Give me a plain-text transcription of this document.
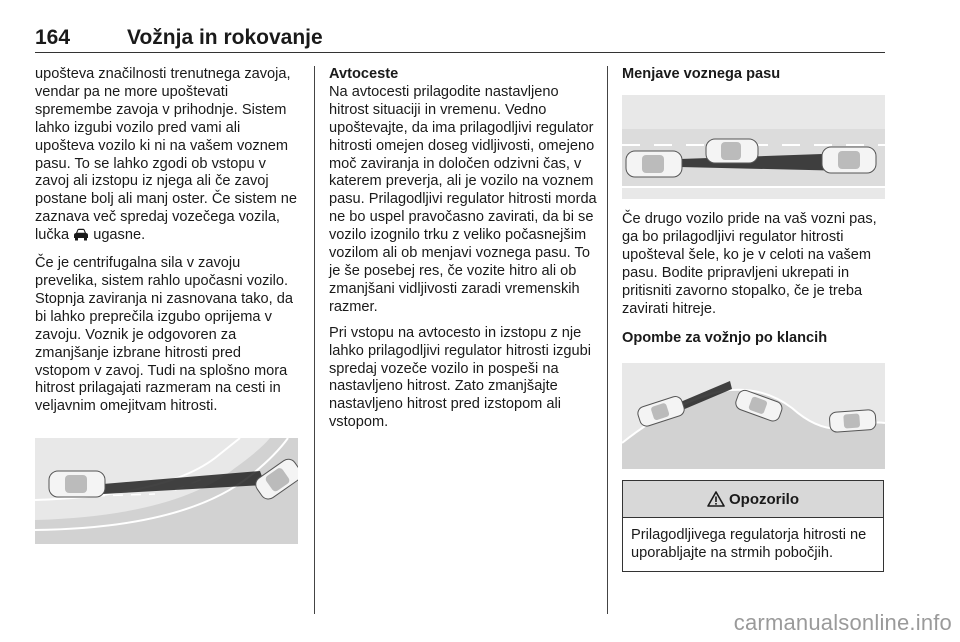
164	Vožnja in rokovanje

upošteva značilnosti trenutnega zavoja, vendar pa ne more upoštevati spremembe zavoja v prihodnje. Sistem lahko izgubi vozilo pred vami ali upošteva vozilo ki ni na vašem voznem pasu. To se lahko zgodi ob vstopu v zavoj ali izstopu iz njega ali če zavoj postane bolj ali manj oster. Če sistem ne zaznava več spredaj vozečega vozila, lučka ugasne.

Če je centrifugalna sila v zavoju prevelika, sistem rahlo upočasni vozilo. Stopnja zaviranja ni zasnovana tako, da bi lahko preprečila izgubo oprijema v zavoju. Voznik je odgovoren za zmanjšanje izbrane hitrosti pred vstopom v zavoj. Tudi na splošno mora hitrost prilagajati razmeram na cesti in veljavnim omejitvam hitrosti.

Avtoceste

Na avtocesti prilagodite nastavljeno hitrost situaciji in vremenu. Vedno upoštevajte, da ima prilagodljivi regulator hitrosti omejen doseg vidljivosti, omejeno moč zaviranja in določen odzivni čas, v katerem preverja, ali je vozilo na voznem pasu. Prilagodljivi regulator hitrosti morda ne bo uspel pravočasno zavirati, da bi se vozilo izognilo trku z veliko počasnejšim vozilom ali ob menjavi voznega pasu. To je še posebej res, če vozite hitro ali ob zmanjšani vidljivosti zaradi vremenskih razmer.

Pri vstopu na avtocesto in izstopu z nje lahko prilagodljivi regulator hitrosti izgubi spredaj vozeče vozilo in pospeši na nastavljeno hitrost. Zato zmanjšajte nastavljeno hitrost pred izstopom ali vstopom.

Menjave voznega pasu

Če drugo vozilo pride na vaš vozni pas, ga bo prilagodljivi regulator hitrosti upošteval šele, ko je v celoti na vašem pasu. Bodite pripravljeni ukrepati in pritisniti zavorno stopalko, če je treba zavirati hitreje.

Opombe za vožnjo po klancih
Opozorilo
Prilagodljivega regulatorja hitrosti ne uporabljajte na strmih pobočjih.
carmanualsonline.info
